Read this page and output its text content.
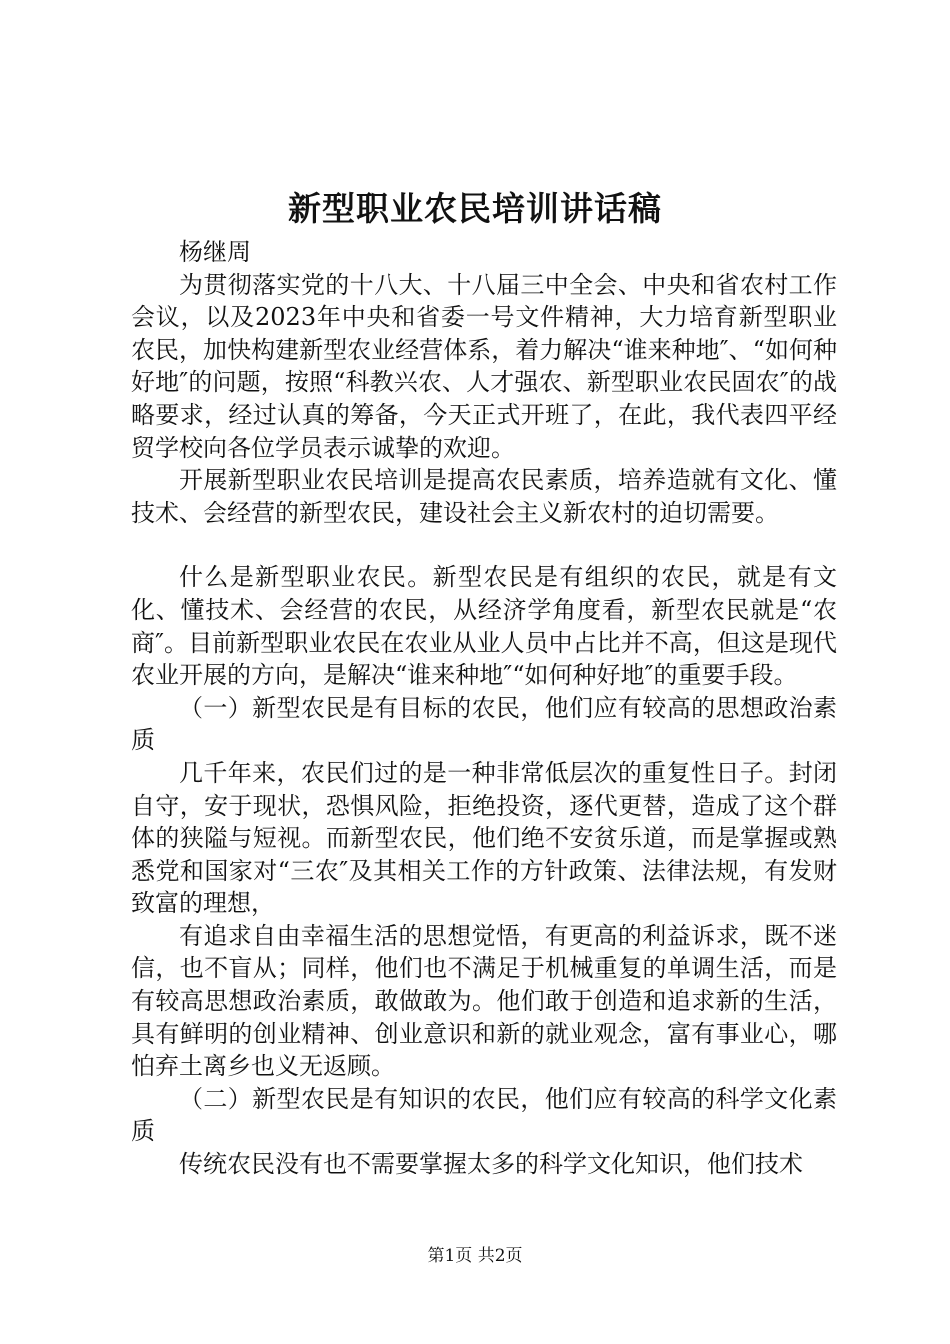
新型职业农民培训讲话稿

杨继周

为贯彻落实党的十八大、十八届三中全会、中央和省农村工作会议，以及2023年中央和省委一号文件精神，大力培育新型职业农民，加快构建新型农业经营体系，着力解决“谁来种地″、“如何种好地″的问题，按照“科教兴农、人才强农、新型职业农民固农″的战略要求，经过认真的筹备，今天正式开班了，在此，我代表四平经贸学校向各位学员表示诚挚的欢迎。

开展新型职业农民培训是提高农民素质，培养造就有文化、懂技术、会经营的新型农民，建设社会主义新农村的迫切需要。

什么是新型职业农民。新型农民是有组织的农民，就是有文化、懂技术、会经营的农民，从经济学角度看，新型农民就是“农商″。目前新型职业农民在农业从业人员中占比并不高，但这是现代农业开展的方向，是解决“谁来种地″“如何种好地″的重要手段。

（一）新型农民是有目标的农民，他们应有较高的思想政治素质

几千年来，农民们过的是一种非常低层次的重复性日子。封闭自守，安于现状，恐惧风险，拒绝投资，逐代更替，造成了这个群体的狭隘与短视。而新型农民，他们绝不安贫乐道，而是掌握或熟悉党和国家对“三农″及其相关工作的方针政策、法律法规，有发财致富的理想，

有追求自由幸福生活的思想觉悟，有更高的利益诉求，既不迷信，也不盲从；同样，他们也不满足于机械重复的单调生活，而是有较高思想政治素质，敢做敢为。他们敢于创造和追求新的生活，具有鲜明的创业精神、创业意识和新的就业观念，富有事业心，哪怕弃土离乡也义无返顾。

（二）新型农民是有知识的农民，他们应有较高的科学文化素质

传统农民没有也不需要掌握太多的科学文化知识，他们技术

第1页 共2页
